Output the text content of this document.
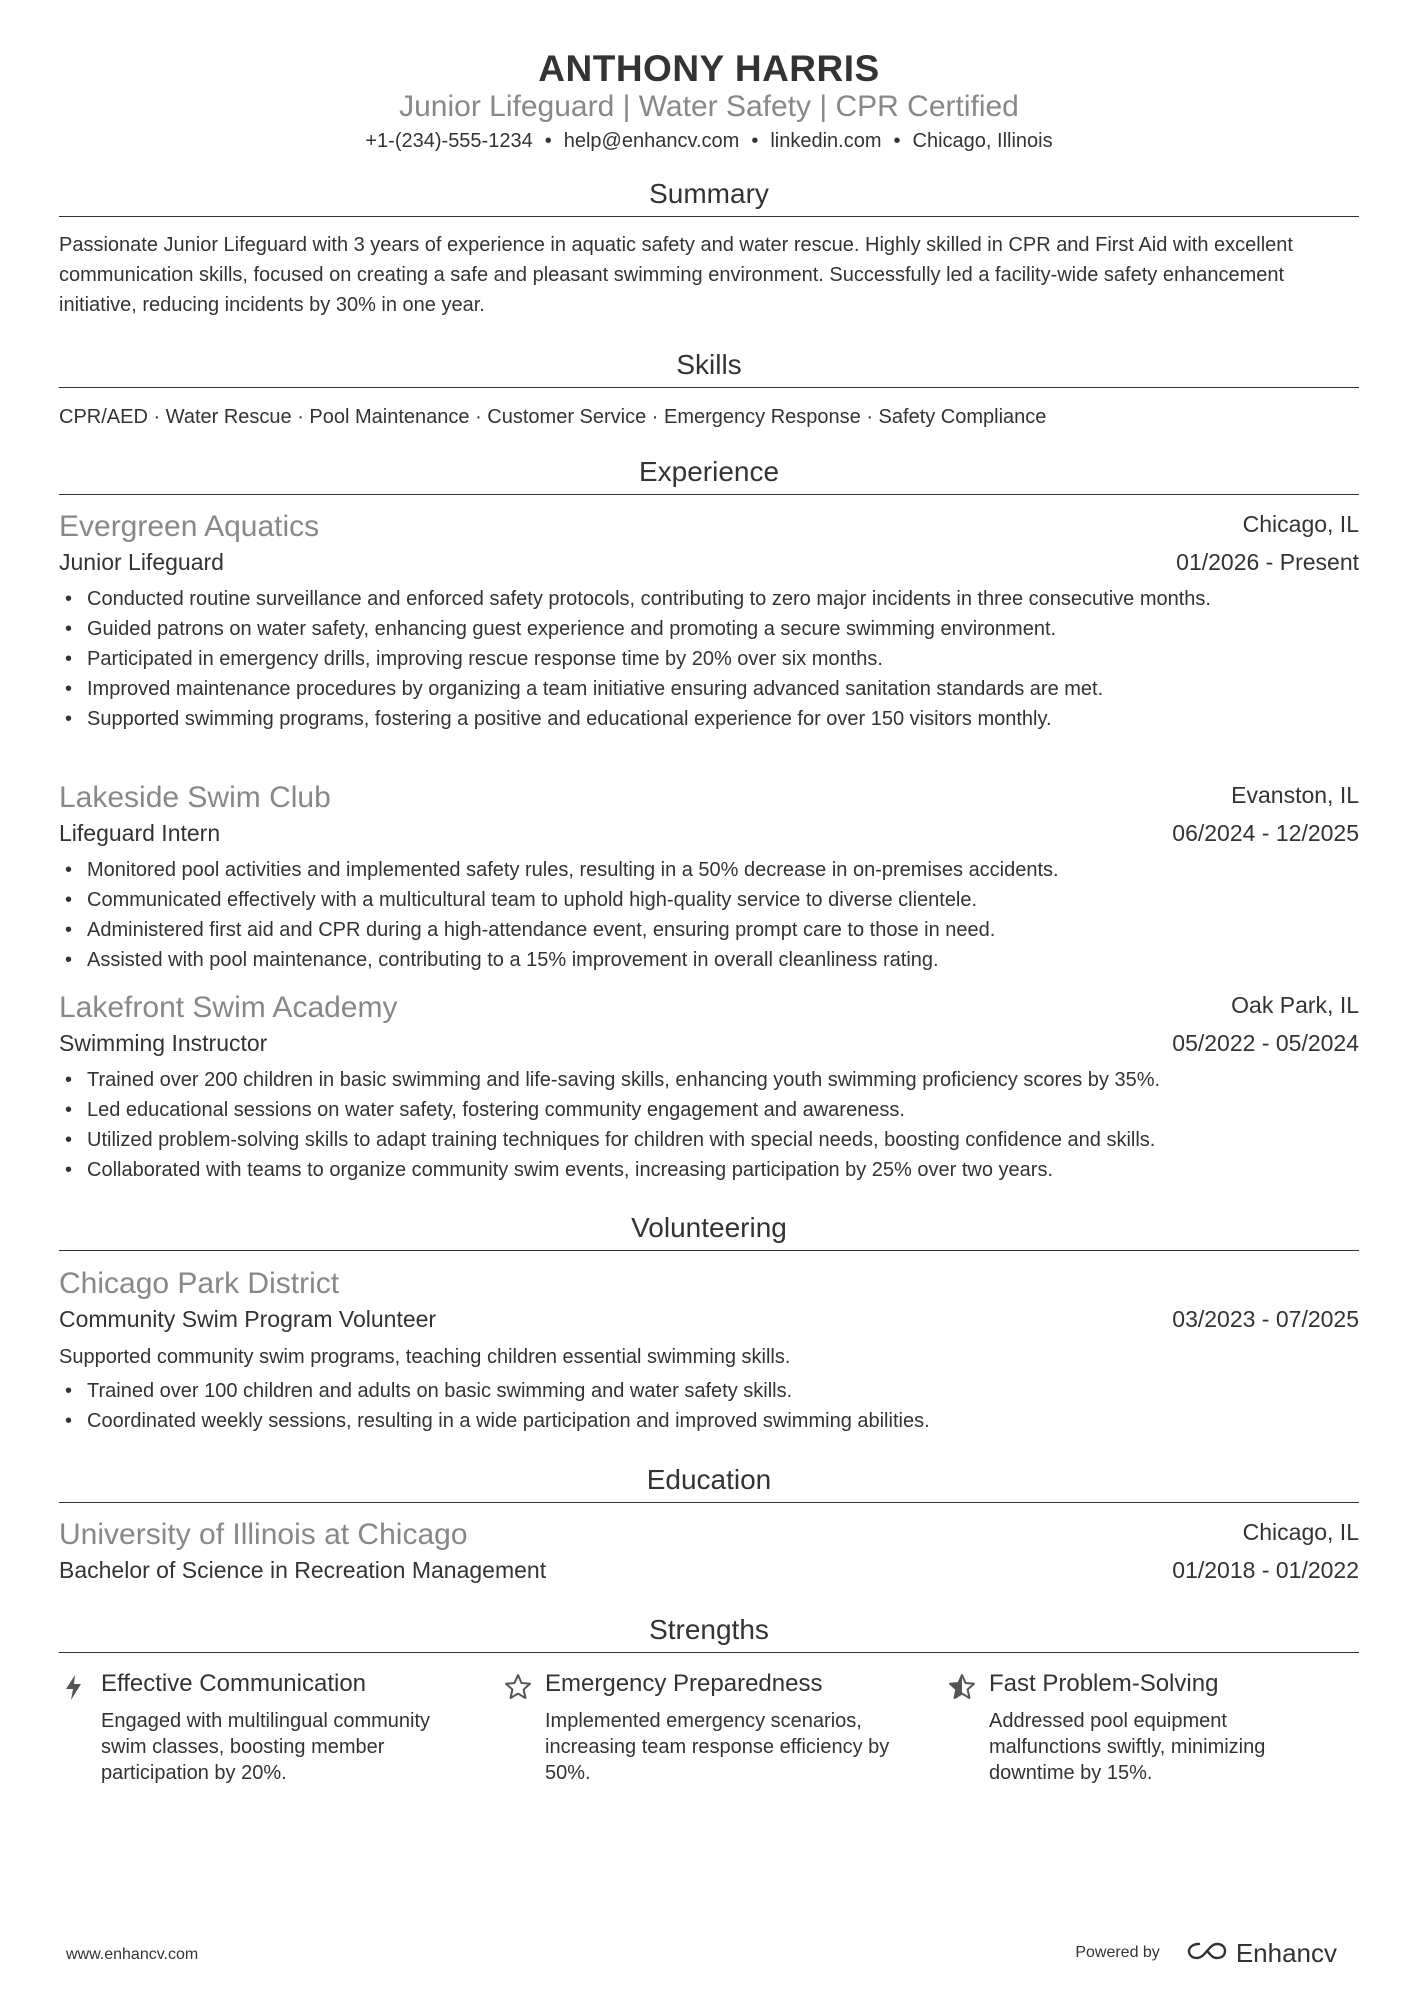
ANTHONY HARRIS
Junior Lifeguard | Water Safety | CPR Certified
+1-(234)-555-1234 • help@enhancv.com • linkedin.com • Chicago, Illinois
Summary

Passionate Junior Lifeguard with 3 years of experience in aquatic safety and water rescue. Highly skilled in CPR and First Aid with excellent communication skills, focused on creating a safe and pleasant swimming environment. Successfully led a facility-wide safety enhancement initiative, reducing incidents by 30% in one year.

Skills

CPR/AED · Water Rescue · Pool Maintenance · Customer Service · Emergency Response · Safety Compliance

Experience
Evergreen Aquatics	Chicago, IL
Junior Lifeguard	01/2026 - Present
• Conducted routine surveillance and enforced safety protocols, contributing to zero major incidents in three consecutive months.
• Guided patrons on water safety, enhancing guest experience and promoting a secure swimming environment.
• Participated in emergency drills, improving rescue response time by 20% over six months.
• Improved maintenance procedures by organizing a team initiative ensuring advanced sanitation standards are met.
• Supported swimming programs, fostering a positive and educational experience for over 150 visitors monthly.
Lakeside Swim Club	Evanston, IL
Lifeguard Intern	06/2024 - 12/2025
• Monitored pool activities and implemented safety rules, resulting in a 50% decrease in on-premises accidents.
• Communicated effectively with a multicultural team to uphold high-quality service to diverse clientele.
• Administered first aid and CPR during a high-attendance event, ensuring prompt care to those in need.
• Assisted with pool maintenance, contributing to a 15% improvement in overall cleanliness rating.
Lakefront Swim Academy	Oak Park, IL
Swimming Instructor	05/2022 - 05/2024
• Trained over 200 children in basic swimming and life-saving skills, enhancing youth swimming proficiency scores by 35%.
• Led educational sessions on water safety, fostering community engagement and awareness.
• Utilized problem-solving skills to adapt training techniques for children with special needs, boosting confidence and skills.
• Collaborated with teams to organize community swim events, increasing participation by 25% over two years.
Volunteering
Chicago Park District
Community Swim Program Volunteer	03/2023 - 07/2025

Supported community swim programs, teaching children essential swimming skills.

• Trained over 100 children and adults on basic swimming and water safety skills.
• Coordinated weekly sessions, resulting in a wide participation and improved swimming abilities.
Education
University of Illinois at Chicago	Chicago, IL
Bachelor of Science in Recreation Management	01/2018 - 01/2022
Strengths
Effective Communication
Engaged with multilingual community swim classes, boosting member participation by 20%.
Emergency Preparedness
Implemented emergency scenarios, increasing team response efficiency by 50%.
Fast Problem-Solving
Addressed pool equipment malfunctions swiftly, minimizing downtime by 15%.
www.enhancv.com	Powered by	Enhancv
